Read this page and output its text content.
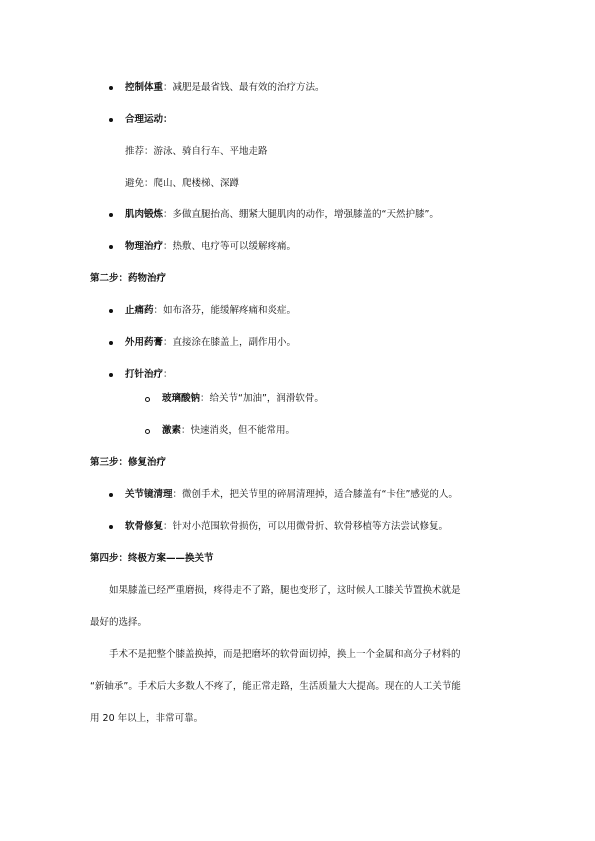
控制体重：减肥是最省钱、最有效的治疗方法。
合理运动：
推荐：游泳、骑自行车、平地走路
避免：爬山、爬楼梯、深蹲
肌肉锻炼：多做直腿抬高、绷紧大腿肌肉的动作，增强膝盖的“天然护膝”。
物理治疗：热敷、电疗等可以缓解疼痛。
第二步：药物治疗
止痛药：如布洛芬，能缓解疼痛和炎症。
外用药膏：直接涂在膝盖上，副作用小。
打针治疗：
玻璃酸钠：给关节“加油”，润滑软骨。
激素：快速消炎，但不能常用。
第三步：修复治疗
关节镜清理：微创手术，把关节里的碎屑清理掉，适合膝盖有“卡住”感觉的人。
软骨修复：针对小范围软骨损伤，可以用微骨折、软骨移植等方法尝试修复。
第四步：终极方案——换关节
如果膝盖已经严重磨损，疼得走不了路，腿也变形了，这时候人工膝关节置换术就是
最好的选择。
手术不是把整个膝盖换掉，而是把磨坏的软骨面切掉，换上一个金属和高分子材料的
“新轴承”。手术后大多数人不疼了，能正常走路，生活质量大大提高。现在的人工关节能
用 20 年以上，非常可靠。
